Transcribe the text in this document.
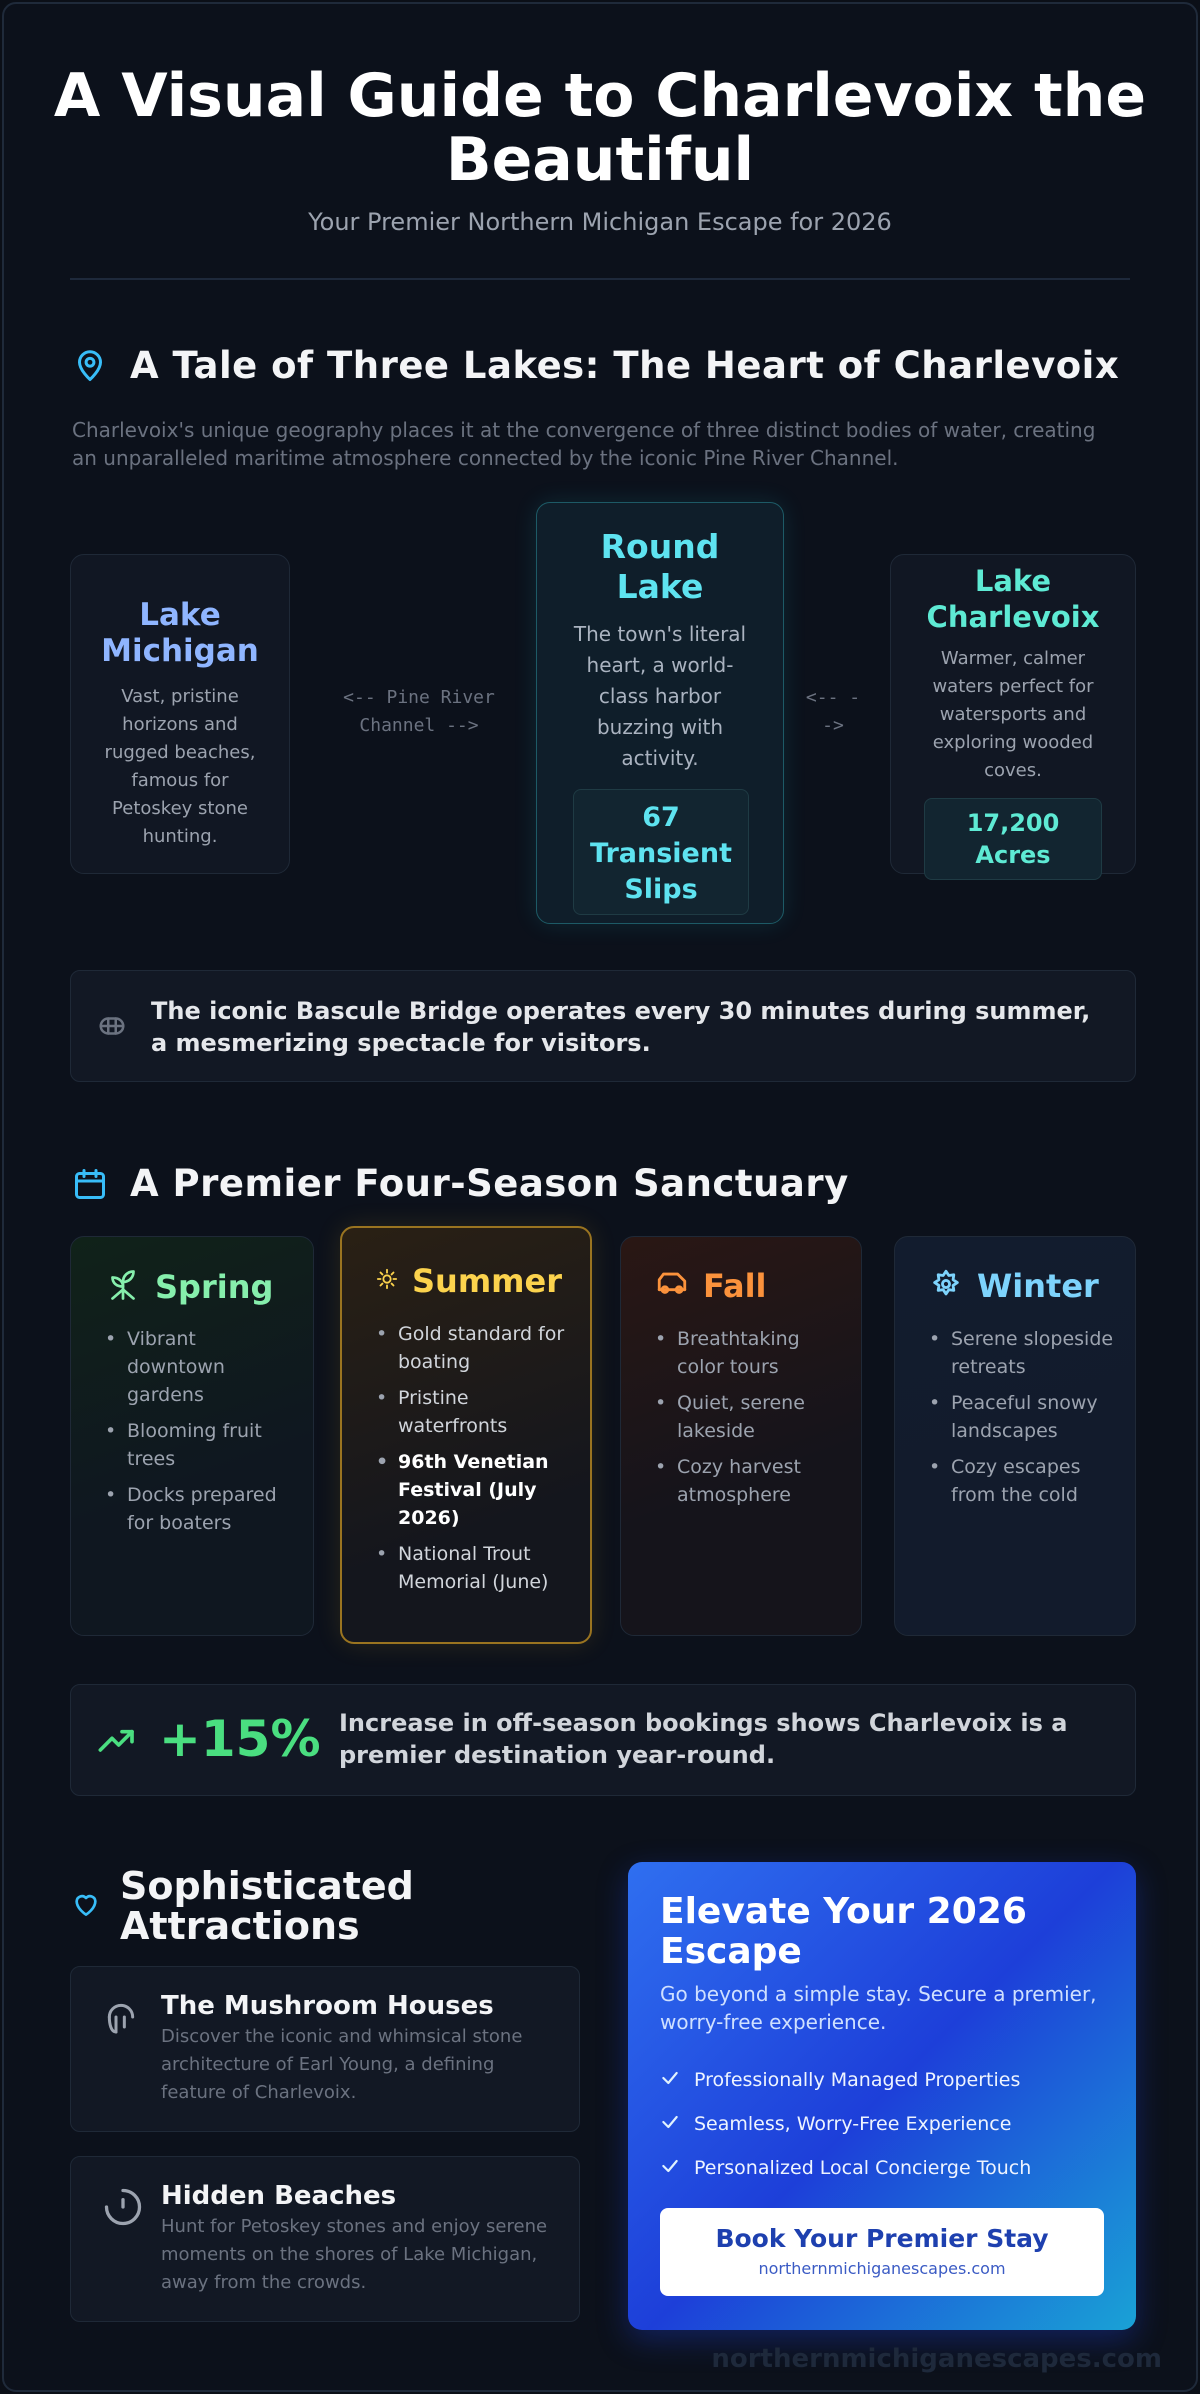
A Visual Guide to Charlevoix the Beautiful
Your Premier Northern Michigan Escape for 2026
A Tale of Three Lakes: The Heart of Charlevoix
Charlevoix's unique geography places it at the convergence of three distinct bodies of water, creating an unparalleled maritime atmosphere connected by the iconic Pine River Channel.
Lake Michigan
Vast, pristine horizons and rugged beaches, famous for Petoskey stone hunting.
<-- Pine River Channel -->
Round Lake
The town's literal heart, a world-class harbor buzzing with activity.
67 Transient Slips
<-- -->
Lake Charlevoix
Warmer, calmer waters perfect for watersports and exploring wooded coves.
17,200 Acres
The iconic Bascule Bridge operates every 30 minutes during summer, a mesmerizing spectacle for visitors.
A Premier Four-Season Sanctuary
Spring
• Vibrant downtown gardens
• Blooming fruit trees
• Docks prepared for boaters
Summer
• Gold standard for boating
• Pristine waterfronts
• 96th Venetian Festival (July 2026)
• National Trout Memorial (June)
Fall
• Breathtaking color tours
• Quiet, serene lakeside
• Cozy harvest atmosphere
Winter
• Serene slopeside retreats
• Peaceful snowy landscapes
• Cozy escapes from the cold
+15% Increase in off-season bookings shows Charlevoix is a premier destination year-round.
Sophisticated Attractions
The Mushroom Houses
Discover the iconic and whimsical stone architecture of Earl Young, a defining feature of Charlevoix.
Hidden Beaches
Hunt for Petoskey stones and enjoy serene moments on the shores of Lake Michigan, away from the crowds.
Elevate Your 2026 Escape
Go beyond a simple stay. Secure a premier, worry-free experience.
Professionally Managed Properties
Seamless, Worry-Free Experience
Personalized Local Concierge Touch
Book Your Premier Stay
northernmichiganescapes.com
northernmichiganescapes.com
